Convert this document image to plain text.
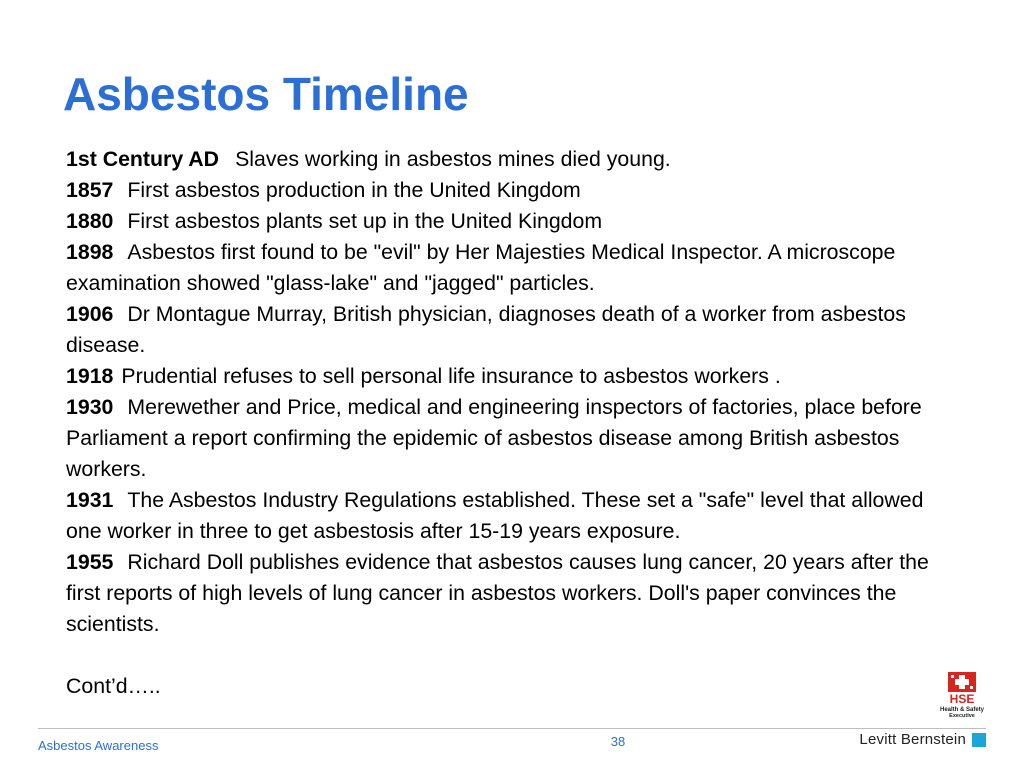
Asbestos Timeline

1st Century AD Slaves working in asbestos mines died young.

1857 First asbestos production in the United Kingdom

1880 First asbestos plants set up in the United Kingdom

1898 Asbestos first found to be "evil" by Her Majesties Medical Inspector. A microscope examination showed "glass-lake" and "jagged" particles.

1906 Dr Montague Murray, British physician, diagnoses death of a worker from asbestos disease.

1918 Prudential refuses to sell personal life insurance to asbestos workers .

1930 Merewether and Price, medical and engineering inspectors of factories, place before Parliament a report confirming the epidemic of asbestos disease among British asbestos workers.

1931 The Asbestos Industry Regulations established. These set a "safe" level that allowed one worker in three to get asbestosis after 15-19 years exposure.

1955 Richard Doll publishes evidence that asbestos causes lung cancer, 20 years after the first reports of high levels of lung cancer in asbestos workers. Doll's paper convinces the scientists.

Cont’d…..

HSE
Health & Safety
Executive
Asbestos Awareness	38	Levitt Bernstein
